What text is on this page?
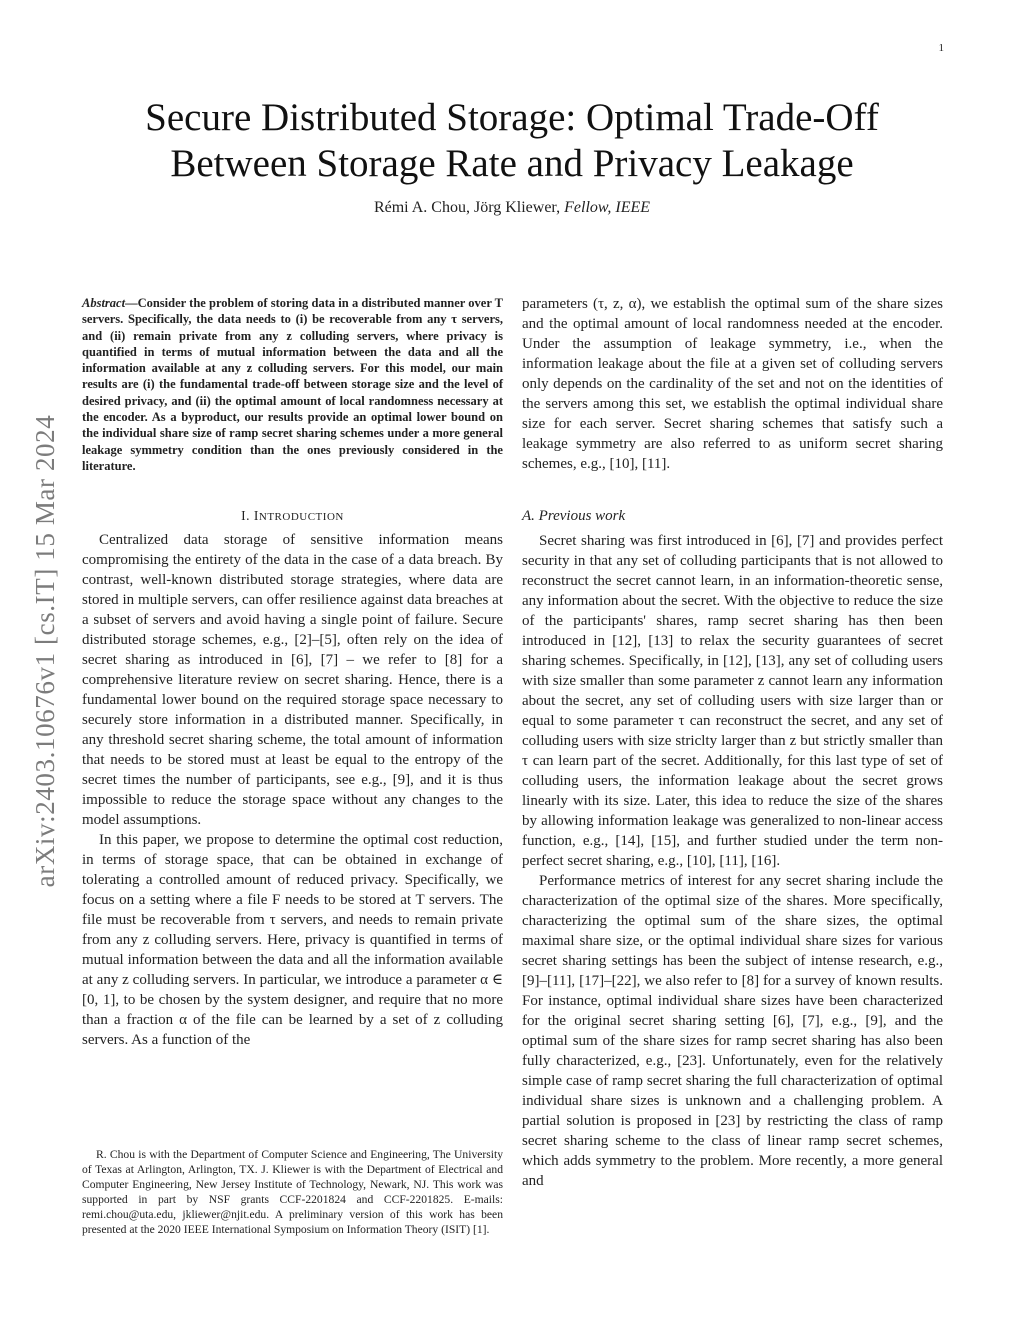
1
arXiv:2403.10676v1 [cs.IT] 15 Mar 2024
Secure Distributed Storage: Optimal Trade-Off
Between Storage Rate and Privacy Leakage
Rémi A. Chou, Jörg Kliewer, Fellow, IEEE
Abstract—Consider the problem of storing data in a distributed manner over T servers. Specifically, the data needs to (i) be recoverable from any τ servers, and (ii) remain private from any z colluding servers, where privacy is quantified in terms of mutual information between the data and all the information available at any z colluding servers. For this model, our main results are (i) the fundamental trade-off between storage size and the level of desired privacy, and (ii) the optimal amount of local randomness necessary at the encoder. As a byproduct, our results provide an optimal lower bound on the individual share size of ramp secret sharing schemes under a more general leakage symmetry condition than the ones previously considered in the literature.
I. INTRODUCTION

Centralized data storage of sensitive information means compromising the entirety of the data in the case of a data breach. By contrast, well-known distributed storage strategies, where data are stored in multiple servers, can offer resilience against data breaches at a subset of servers and avoid having a single point of failure. Secure distributed storage schemes, e.g., [2]–[5], often rely on the idea of secret sharing as introduced in [6], [7] – we refer to [8] for a comprehensive literature review on secret sharing. Hence, there is a fundamental lower bound on the required storage space necessary to securely store information in a distributed manner. Specifically, in any threshold secret sharing scheme, the total amount of information that needs to be stored must at least be equal to the entropy of the secret times the number of participants, see e.g., [9], and it is thus impossible to reduce the storage space without any changes to the model assumptions.

In this paper, we propose to determine the optimal cost reduction, in terms of storage space, that can be obtained in exchange of tolerating a controlled amount of reduced privacy. Specifically, we focus on a setting where a file F needs to be stored at T servers. The file must be recoverable from τ servers, and needs to remain private from any z colluding servers. Here, privacy is quantified in terms of mutual information between the data and all the information available at any z colluding servers. In particular, we introduce a parameter α ∈ [0, 1], to be chosen by the system designer, and require that no more than a fraction α of the file can be learned by a set of z colluding servers. As a function of the

R. Chou is with the Department of Computer Science and Engineering, The University of Texas at Arlington, Arlington, TX. J. Kliewer is with the Department of Electrical and Computer Engineering, New Jersey Institute of Technology, Newark, NJ. This work was supported in part by NSF grants CCF-2201824 and CCF-2201825. E-mails: remi.chou@uta.edu, jkliewer@njit.edu. A preliminary version of this work has been presented at the 2020 IEEE International Symposium on Information Theory (ISIT) [1].

parameters (τ, z, α), we establish the optimal sum of the share sizes and the optimal amount of local randomness needed at the encoder. Under the assumption of leakage symmetry, i.e., when the information leakage about the file at a given set of colluding servers only depends on the cardinality of the set and not on the identities of the servers among this set, we establish the optimal individual share size for each server. Secret sharing schemes that satisfy such a leakage symmetry are also referred to as uniform secret sharing schemes, e.g., [10], [11].

A. Previous work

Secret sharing was first introduced in [6], [7] and provides perfect security in that any set of colluding participants that is not allowed to reconstruct the secret cannot learn, in an information-theoretic sense, any information about the secret. With the objective to reduce the size of the participants' shares, ramp secret sharing has then been introduced in [12], [13] to relax the security guarantees of secret sharing schemes. Specifically, in [12], [13], any set of colluding users with size smaller than some parameter z cannot learn any information about the secret, any set of colluding users with size larger than or equal to some parameter τ can reconstruct the secret, and any set of colluding users with size striclty larger than z but strictly smaller than τ can learn part of the secret. Additionally, for this last type of set of colluding users, the information leakage about the secret grows linearly with its size. Later, this idea to reduce the size of the shares by allowing information leakage was generalized to non-linear access function, e.g., [14], [15], and further studied under the term non-perfect secret sharing, e.g., [10], [11], [16].

Performance metrics of interest for any secret sharing include the characterization of the optimal size of the shares. More specifically, characterizing the optimal sum of the share sizes, the optimal maximal share size, or the optimal individual share sizes for various secret sharing settings has been the subject of intense research, e.g., [9]–[11], [17]–[22], we also refer to [8] for a survey of known results. For instance, optimal individual share sizes have been characterized for the original secret sharing setting [6], [7], e.g., [9], and the optimal sum of the share sizes for ramp secret sharing has also been fully characterized, e.g., [23]. Unfortunately, even for the relatively simple case of ramp secret sharing the full characterization of optimal individual share sizes is unknown and a challenging problem. A partial solution is proposed in [23] by restricting the class of ramp secret sharing scheme to the class of linear ramp secret schemes, which adds symmetry to the problem. More recently, a more general and
